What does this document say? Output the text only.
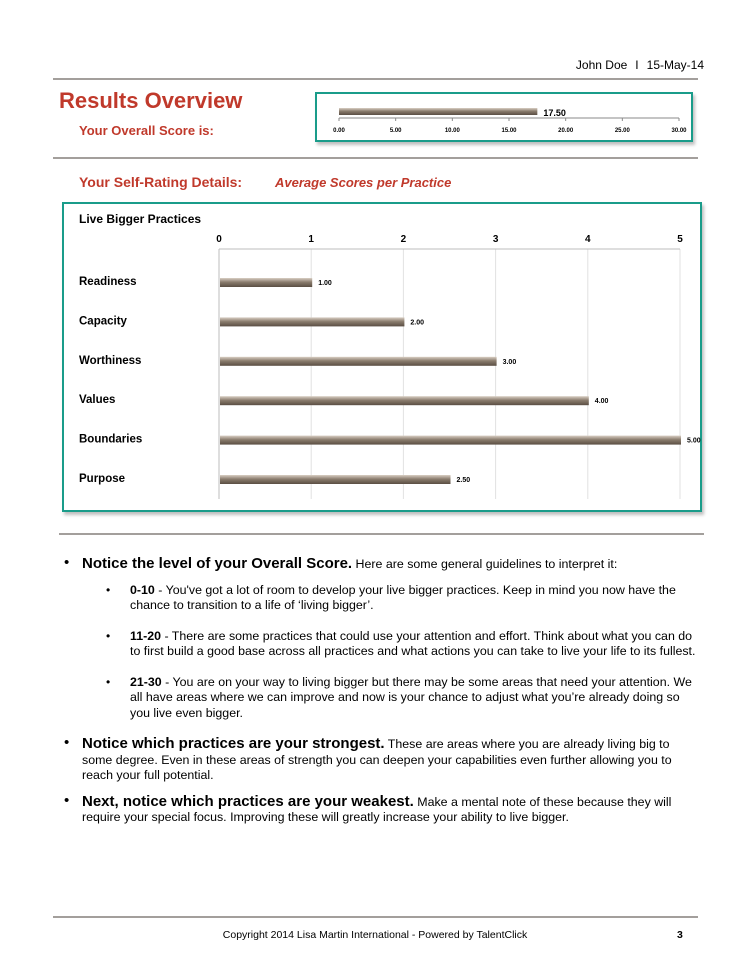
John Doe I 15-May-14
Results Overview
Your Overall Score is:	0.00	5.00	10.00	15.00	20.00	25.00	30.00
17.50
Your Self-Rating Details:	Average Scores per Practice
Live Bigger Practices
0	1	2	3	4	5
Readiness	1.00
Capacity	2.00
Worthiness	3.00
Values	4.00
Boundaries	5.00
Purpose	2.50
• Notice the level of your Overall Score. Here are some general guidelines to interpret it:
• 0-10 - You've got a lot of room to develop your live bigger practices. Keep in mind you now have the chance to transition to a life of ‘living bigger’.
• 11-20 - There are some practices that could use your attention and effort. Think about what you can do to first build a good base across all practices and what actions you can take to live your life to its fullest.
• 21-30 - You are on your way to living bigger but there may be some areas that need your attention. We all have areas where we can improve and now is your chance to adjust what you’re already doing so you live even bigger.
• Notice which practices are your strongest. These are areas where you are already living big to some degree. Even in these areas of strength you can deepen your capabilities even further allowing you to reach your full potential.
• Next, notice which practices are your weakest. Make a mental note of these because they will require your special focus. Improving these will greatly increase your ability to live bigger.
Copyright 2014 Lisa Martin International - Powered by TalentClick	3
